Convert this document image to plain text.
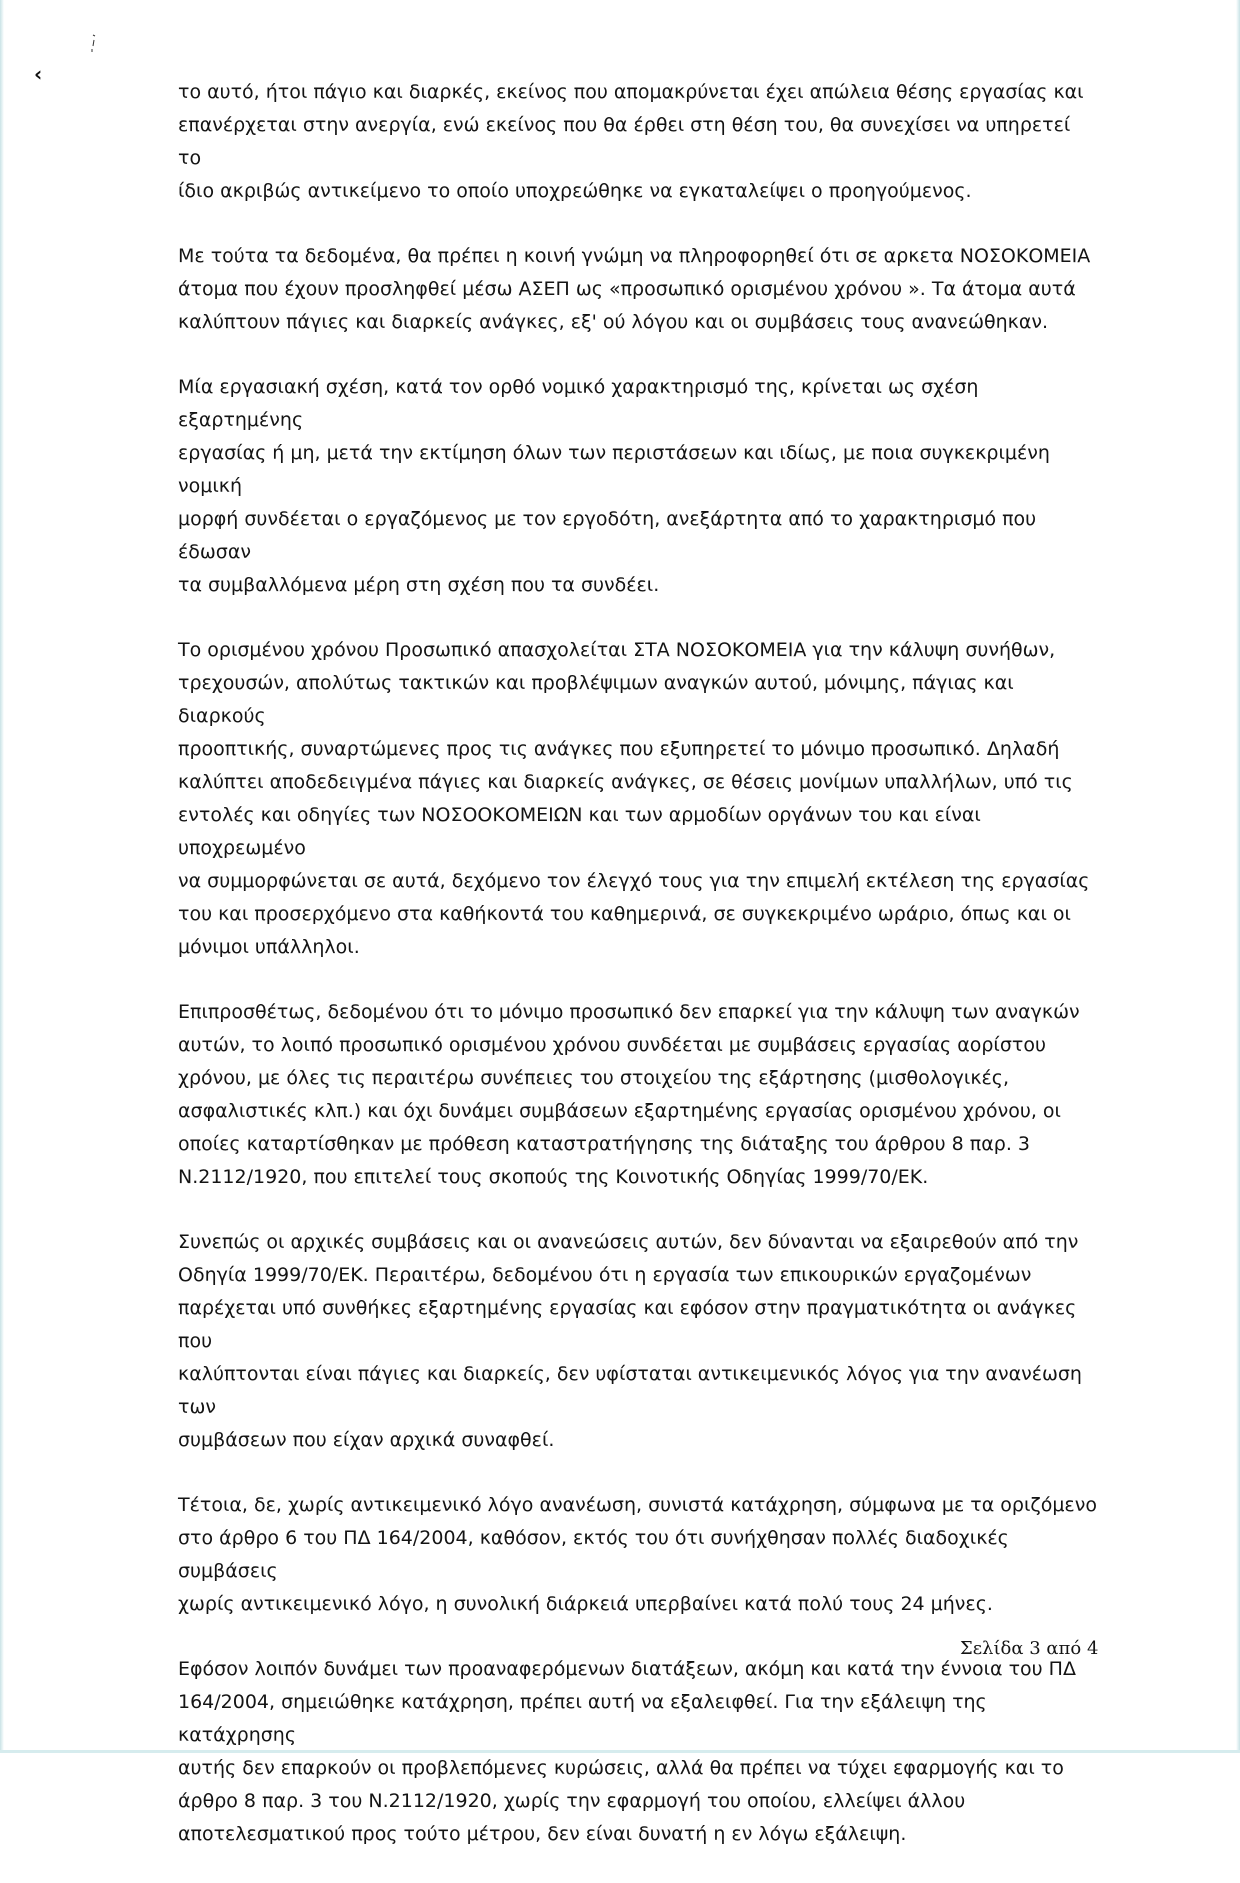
‹

το αυτό, ήτοι πάγιο και διαρκές, εκείνος που απομακρύνεται έχει απώλεια θέσης εργασίας και
επανέρχεται στην ανεργία, ενώ εκείνος που θα έρθει στη θέση του, θα συνεχίσει να υπηρετεί το
ίδιο ακριβώς αντικείμενο το οποίο υποχρεώθηκε να εγκαταλείψει ο προηγούμενος.

Με τούτα τα δεδομένα, θα πρέπει η κοινή γνώμη να πληροφορηθεί ότι σε αρκετα ΝΟΣΟΚΟΜΕΙΑ
άτομα που έχουν προσληφθεί μέσω ΑΣΕΠ ως «προσωπικό ορισμένου χρόνου ». Τα άτομα αυτά
καλύπτουν πάγιες και διαρκείς ανάγκες, εξ' ού λόγου και οι συμβάσεις τους ανανεώθηκαν.

Μία εργασιακή σχέση, κατά τον ορθό νομικό χαρακτηρισμό της, κρίνεται ως σχέση εξαρτημένης
εργασίας ή μη, μετά την εκτίμηση όλων των περιστάσεων και ιδίως, με ποια συγκεκριμένη νομική
μορφή συνδέεται ο εργαζόμενος με τον εργοδότη, ανεξάρτητα από το χαρακτηρισμό που έδωσαν
τα συμβαλλόμενα μέρη στη σχέση που τα συνδέει.

Το ορισμένου χρόνου Προσωπικό απασχολείται ΣΤΑ ΝΟΣΟΚΟΜΕΙΑ για την κάλυψη συνήθων,
τρεχουσών, απολύτως τακτικών και προβλέψιμων αναγκών αυτού, μόνιμης, πάγιας και διαρκούς
προοπτικής, συναρτώμενες προς τις ανάγκες που εξυπηρετεί το μόνιμο προσωπικό. Δηλαδή
καλύπτει αποδεδειγμένα πάγιες και διαρκείς ανάγκες, σε θέσεις μονίμων υπαλλήλων, υπό τις
εντολές και οδηγίες των ΝΟΣΟΟΚΟΜΕΙΩΝ και των αρμοδίων οργάνων του και είναι υποχρεωμένο
να συμμορφώνεται σε αυτά, δεχόμενο τον έλεγχό τους για την επιμελή εκτέλεση της εργασίας
του και προσερχόμενο στα καθήκοντά του καθημερινά, σε συγκεκριμένο ωράριο, όπως και οι
μόνιμοι υπάλληλοι.

Επιπροσθέτως, δεδομένου ότι το μόνιμο προσωπικό δεν επαρκεί για την κάλυψη των αναγκών
αυτών, το λοιπό προσωπικό ορισμένου χρόνου συνδέεται με συμβάσεις εργασίας αορίστου
χρόνου, με όλες τις περαιτέρω συνέπειες του στοιχείου της εξάρτησης (μισθολογικές,
ασφαλιστικές κλπ.) και όχι δυνάμει συμβάσεων εξαρτημένης εργασίας ορισμένου χρόνου, οι
οποίες καταρτίσθηκαν με πρόθεση καταστρατήγησης της διάταξης του άρθρου 8 παρ. 3
Ν.2112/1920, που επιτελεί τους σκοπούς της Κοινοτικής Οδηγίας 1999/70/ΕΚ.

Συνεπώς οι αρχικές συμβάσεις και οι ανανεώσεις αυτών, δεν δύνανται να εξαιρεθούν από την
Οδηγία 1999/70/ΕΚ. Περαιτέρω, δεδομένου ότι η εργασία των επικουρικών εργαζομένων
παρέχεται υπό συνθήκες εξαρτημένης εργασίας και εφόσον στην πραγματικότητα οι ανάγκες που
καλύπτονται είναι πάγιες και διαρκείς, δεν υφίσταται αντικειμενικός λόγος για την ανανέωση των
συμβάσεων που είχαν αρχικά συναφθεί.

Τέτοια, δε, χωρίς αντικειμενικό λόγο ανανέωση, συνιστά κατάχρηση, σύμφωνα με τα οριζόμενο
στο άρθρο 6 του ΠΔ 164/2004, καθόσον, εκτός του ότι συνήχθησαν πολλές διαδοχικές συμβάσεις
χωρίς αντικειμενικό λόγο, η συνολική διάρκειά υπερβαίνει κατά πολύ τους 24 μήνες.

Εφόσον λοιπόν δυνάμει των προαναφερόμενων διατάξεων, ακόμη και κατά την έννοια του ΠΔ
164/2004, σημειώθηκε κατάχρηση, πρέπει αυτή να εξαλειφθεί. Για την εξάλειψη της κατάχρησης
αυτής δεν επαρκούν οι προβλεπόμενες κυρώσεις, αλλά θα πρέπει να τύχει εφαρμογής και το
άρθρο 8 παρ. 3 του Ν.2112/1920, χωρίς την εφαρμογή του οποίου, ελλείψει άλλου
αποτελεσματικού προς τούτο μέτρου, δεν είναι δυνατή η εν λόγω εξάλειψη.

Σελίδα 3 από 4
